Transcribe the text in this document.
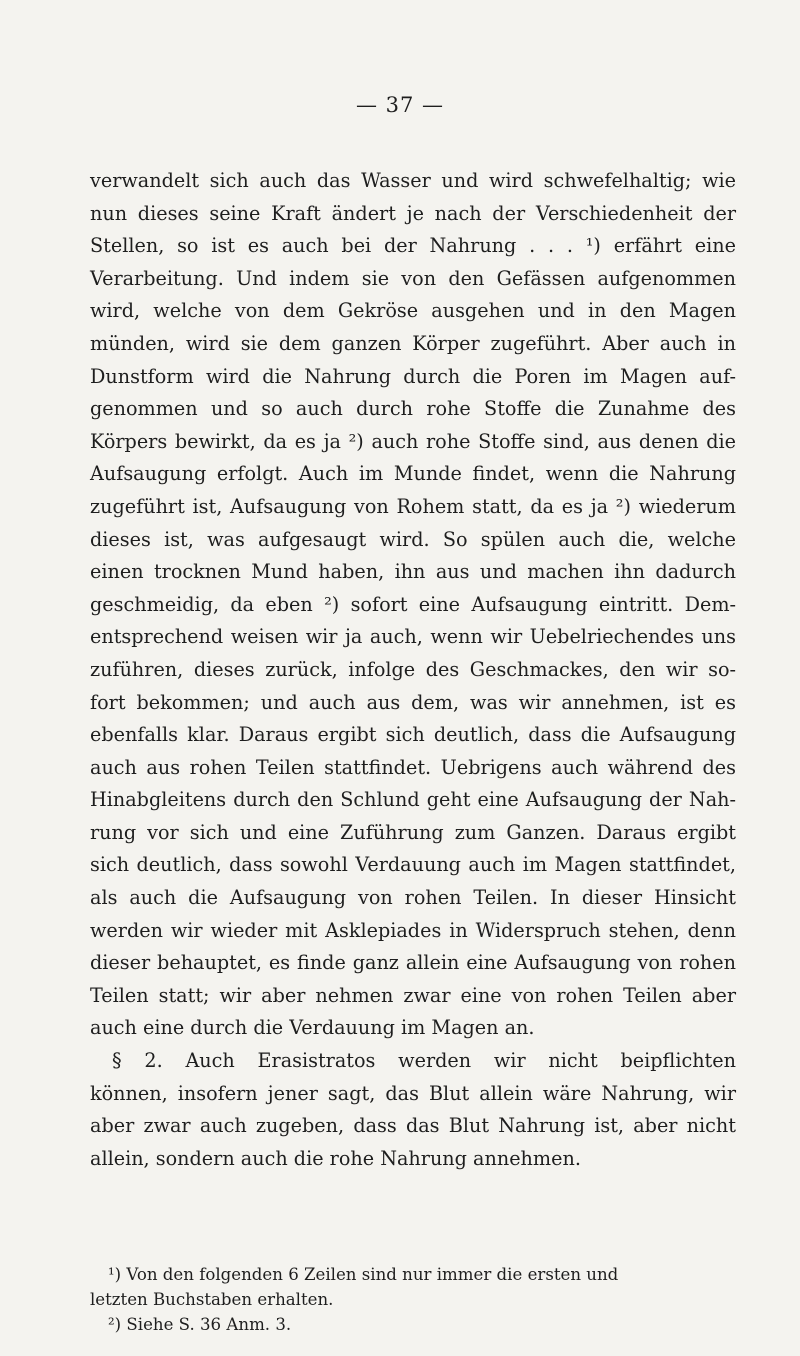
— 37 —
verwandelt sich auch das Wasser und wird schwefelhaltig; wie
nun dieses seine Kraft ändert je nach der Verschiedenheit der
Stellen, so ist es auch bei der Nahrung . . . ¹) erfährt eine
Verarbeitung. Und indem sie von den Gefässen aufgenommen
wird, welche von dem Gekröse ausgehen und in den Magen
münden, wird sie dem ganzen Körper zugeführt. Aber auch in
Dunstform wird die Nahrung durch die Poren im Magen auf-
genommen und so auch durch rohe Stoffe die Zunahme des
Körpers bewirkt, da es ja ²) auch rohe Stoffe sind, aus denen die
Aufsaugung erfolgt. Auch im Munde findet, wenn die Nahrung
zugeführt ist, Aufsaugung von Rohem statt, da es ja ²) wiederum
dieses ist, was aufgesaugt wird. So spülen auch die, welche
einen trocknen Mund haben, ihn aus und machen ihn dadurch
geschmeidig, da eben ²) sofort eine Aufsaugung eintritt. Dem-
entsprechend weisen wir ja auch, wenn wir Uebelriechendes uns
zuführen, dieses zurück, infolge des Geschmackes, den wir so-
fort bekommen; und auch aus dem, was wir annehmen, ist es
ebenfalls klar. Daraus ergibt sich deutlich, dass die Aufsaugung
auch aus rohen Teilen stattfindet. Uebrigens auch während des
Hinabgleitens durch den Schlund geht eine Aufsaugung der Nah-
rung vor sich und eine Zuführung zum Ganzen. Daraus ergibt
sich deutlich, dass sowohl Verdauung auch im Magen stattfindet,
als auch die Aufsaugung von rohen Teilen. In dieser Hinsicht
werden wir wieder mit Asklepiades in Widerspruch stehen, denn
dieser behauptet, es finde ganz allein eine Aufsaugung von rohen
Teilen statt; wir aber nehmen zwar eine von rohen Teilen aber
auch eine durch die Verdauung im Magen an.
§ 2. Auch Erasistratos werden wir nicht beipflichten
können, insofern jener sagt, das Blut allein wäre Nahrung, wir
aber zwar auch zugeben, dass das Blut Nahrung ist, aber nicht
allein, sondern auch die rohe Nahrung annehmen.
¹) Von den folgenden 6 Zeilen sind nur immer die ersten und
letzten Buchstaben erhalten.
²) Siehe S. 36 Anm. 3.
